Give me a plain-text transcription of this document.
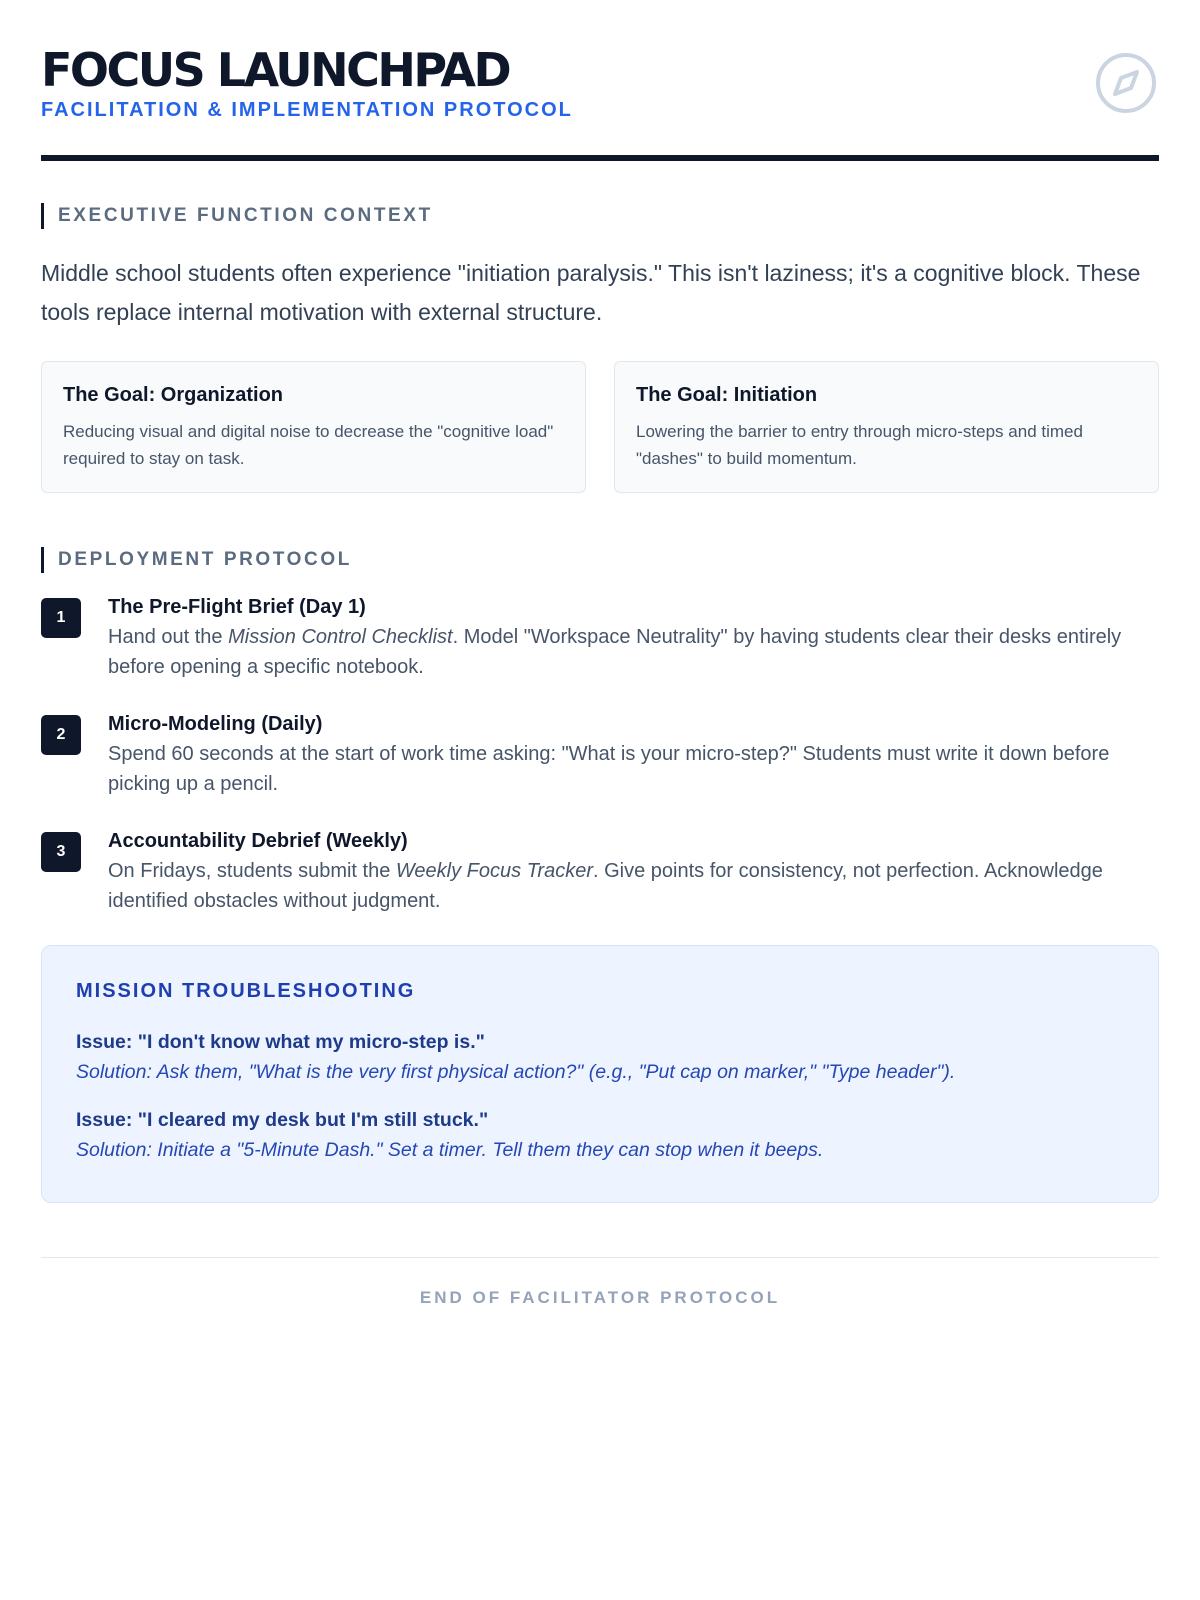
FOCUS LAUNCHPAD
FACILITATION & IMPLEMENTATION PROTOCOL
EXECUTIVE FUNCTION CONTEXT

Middle school students often experience "initiation paralysis." This isn't laziness; it's a cognitive block. These tools replace internal motivation with external structure.

The Goal: Organization
Reducing visual and digital noise to decrease the "cognitive load" required to stay on task.
The Goal: Initiation
Lowering the barrier to entry through micro-steps and timed "dashes" to build momentum.
DEPLOYMENT PROTOCOL
1	The Pre-Flight Brief (Day 1)
Hand out the Mission Control Checklist. Model "Workspace Neutrality" by having students clear their desks entirely before opening a specific notebook.
2	Micro-Modeling (Daily)
Spend 60 seconds at the start of work time asking: "What is your micro-step?" Students must write it down before picking up a pencil.
3	Accountability Debrief (Weekly)
On Fridays, students submit the Weekly Focus Tracker. Give points for consistency, not perfection. Acknowledge identified obstacles without judgment.
MISSION TROUBLESHOOTING
Issue: "I don't know what my micro-step is."
Solution: Ask them, "What is the very first physical action?" (e.g., "Put cap on marker," "Type header").
Issue: "I cleared my desk but I'm still stuck."
Solution: Initiate a "5-Minute Dash." Set a timer. Tell them they can stop when it beeps.
END OF FACILITATOR PROTOCOL
